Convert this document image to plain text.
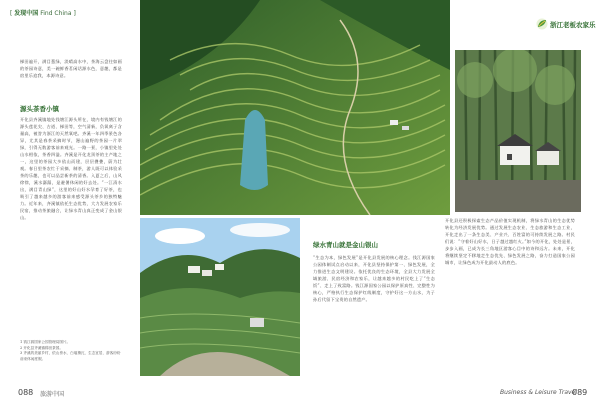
[ 发现中国 Find China ]
浙江老板农家乐
梯田遍开，满目葱绿，淡晴高水中，茶海云盘往如画的茶园诗意，美一碗鲜香茗闲话源水色，意趣，都是宿里乐追我，本源诗意。
源头茶香小镇
开化县齐溪镇地处钱塘江源头所在，境内有钱塘江的源头莲花尖、古道、梯田等，空气清新，负氧离子含量高，被誉为浙江的天然氧吧。齐溪一年四季景色各异，尤其是春茶采摘时节，漫山遍野的茶园一片翠绿，引得无数游客前来观光。一路一景，小镇里处处山水相依，茶香四溢。齐溪是开化龙顶茶的主产地之一，这里的茶园大多依山而建，层层叠叠，蔚为壮观。春日里茶农忙于采摘、制茶，游人既可以体验采茶的乐趣，也可以品尝新茶的清香。入夏之后，山风徐徐，溪水潺潺，是避暑休闲的好去处。“一江清水出，满目青山绿”，这里的好山好水孕育了好茶，也吸引了越来越多的游客前来感受源头茶乡的独特魅力。近年来，齐溪镇依托生态优势，大力发展农家乐民宿，推动茶旅融合，让绿水青山真正变成了金山银山。
1 钱江源国家公园管理局图片。
2 开化县齐溪镇梯田茶园。
3 齐溪的美丽乡村，依山傍水，白墙黛瓦，生态宜居，游客纷纷前来休闲度假。
绿水青山就是金山银山
“生态为本，绿色发展”是开化县发展的核心理念。钱江源国家公园体制试点启动以来，开化县坚持保护第一、绿色发展，全力推进生态文明建设。依托优良的生态环境，全县大力发展全域旅游、民宿经济和农家乐，让越来越多的村民吃上了“生态饭”、走上了致富路。钱江源国家公园以保护原真性、完整性为核心，严格执行生态保护红线制度，守护好这一方山水，为子孙后代留下宝贵的自然遗产。
开化县还积极探索生态产品价值实现机制，将绿水青山的生态优势转化为经济发展优势。通过发展生态农业、生态旅游和生态工业，开化走出了一条生态美、产业兴、百姓富的可持续发展之路。村民们说：“守着好山好水，日子越过越红火。”如今的开化，处处是景，步步入画，已成为长三角地区游客心目中的诗和远方。未来，开化将继续坚定不移地走生态优先、绿色发展之路，奋力打造国家公园城市，让绿色成为开化最动人的底色。
088 旅游中国	Business & Leisure Travel
089
